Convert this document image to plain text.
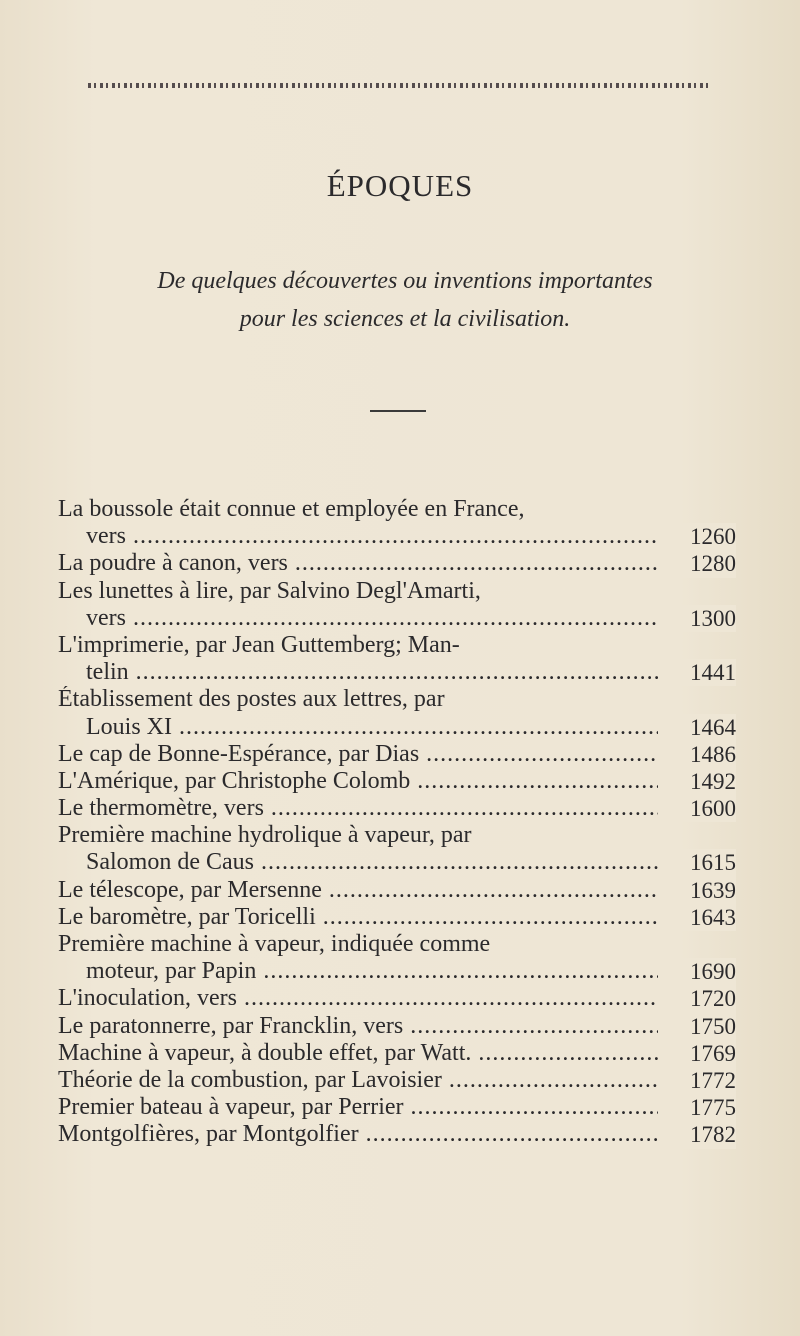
ÉPOQUES
De quelques découvertes ou inventions importantes
pour les sciences et la civilisation.
La boussole était connue et employée en France,
vers .....	1260
La poudre à canon, vers .....	1280
Les lunettes à lire, par Salvino Degl'Amarti,
vers .....	1300
L'imprimerie, par Jean Guttemberg; Man-
telin .....	1441
Établissement des postes aux lettres, par
Louis XI .....	1464
Le cap de Bonne-Espérance, par Dias .....	1486
L'Amérique, par Christophe Colomb .....	1492
Le thermomètre, vers .....	1600
Première machine hydrolique à vapeur, par
Salomon de Caus .....	1615
Le télescope, par Mersenne .....	1639
Le baromètre, par Toricelli .....	1643
Première machine à vapeur, indiquée comme
moteur, par Papin .....	1690
L'inoculation, vers .....	1720
Le paratonnerre, par Francklin, vers .....	1750
Machine à vapeur, à double effet, par Watt. .....	1769
Théorie de la combustion, par Lavoisier .....	1772
Premier bateau à vapeur, par Perrier .....	1775
Montgolfières, par Montgolfier .....	1782
